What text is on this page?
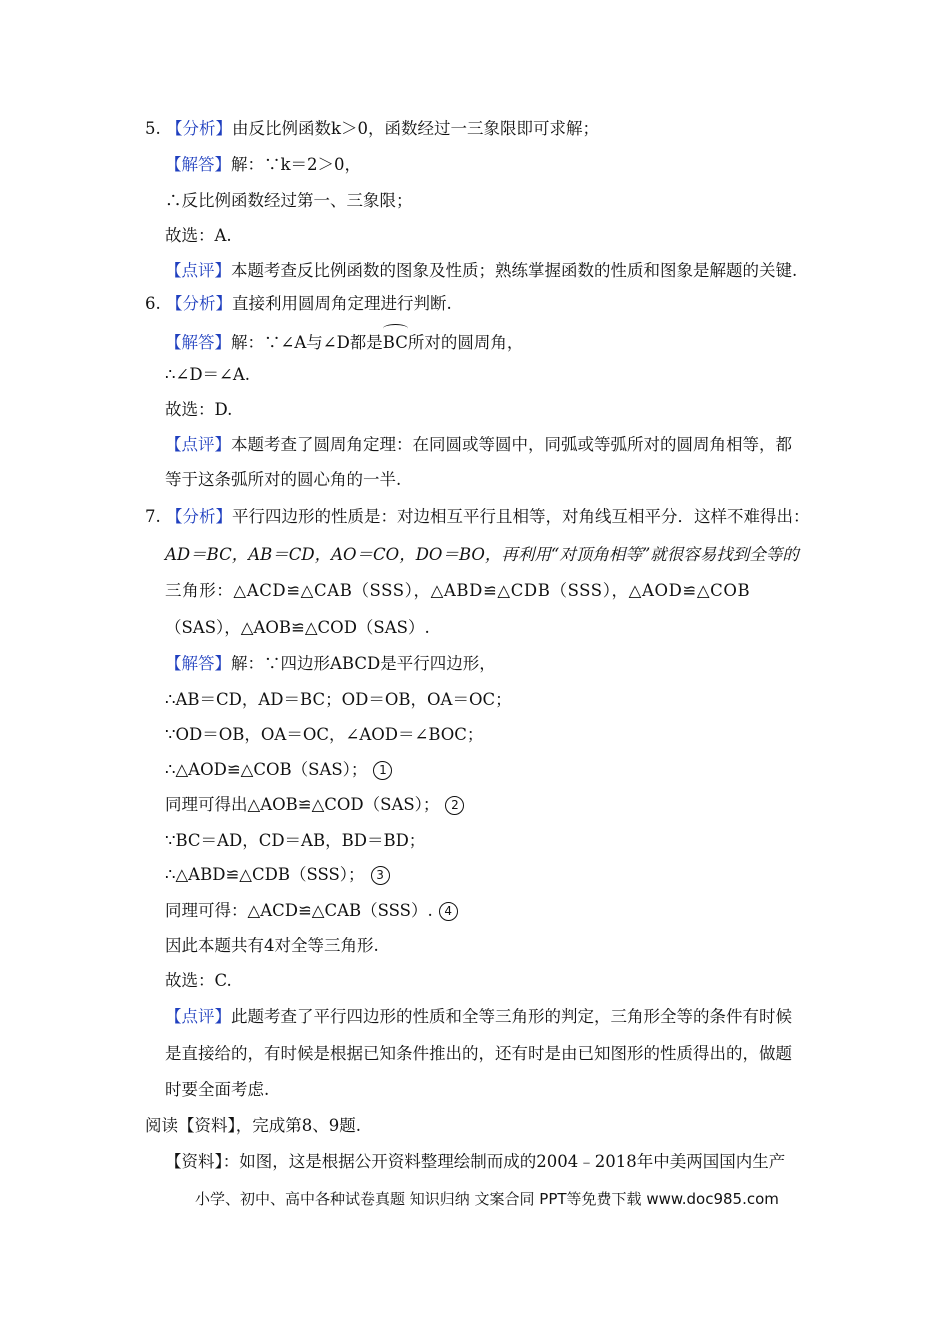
5. 【分析】由反比例函数k＞0，函数经过一三象限即可求解；
【解答】解：∵k＝2＞0，
∴反比例函数经过第一、三象限；
故选：A.
【点评】本题考查反比例函数的图象及性质；熟练掌握函数的性质和图象是解题的关键.
6. 【分析】直接利用圆周角定理进行判断.
【解答】解：∵∠A与∠D都是
BC所对的圆周角，
∴∠D＝∠A.
故选：D.
【点评】本题考查了圆周角定理：在同圆或等圆中，同弧或等弧所对的圆周角相等，都
等于这条弧所对的圆心角的一半.
7. 【分析】平行四边形的性质是：对边相互平行且相等，对角线互相平分．这样不难得出：
AD＝BC，AB＝CD，AO＝CO，DO＝BO，再利用“对顶角相等”就很容易找到全等的
三角形：△ACD≌△CAB（SSS），△ABD≌△CDB（SSS），△AOD≌△COB
（SAS），△AOB≌△COD（SAS）.
【解答】解：∵四边形ABCD是平行四边形，
∴AB＝CD，AD＝BC；OD＝OB，OA＝OC；
∵OD＝OB，OA＝OC，∠AOD＝∠BOC；
∴△AOD≌△COB（SAS）； 1
同理可得出△AOB≌△COD（SAS）； 2
∵BC＝AD，CD＝AB，BD＝BD；
∴△ABD≌△CDB（SSS）； 3
同理可得：△ACD≌△CAB（SSS）. 4
因此本题共有4对全等三角形.
故选：C.
【点评】此题考查了平行四边形的性质和全等三角形的判定，三角形全等的条件有时候
是直接给的，有时候是根据已知条件推出的，还有时是由已知图形的性质得出的，做题
时要全面考虑.
阅读【资料】，完成第8、9题.
【资料】：如图，这是根据公开资料整理绘制而成的2004﹣2018年中美两国国内生产
小学、初中、高中各种试卷真题 知识归纳 文案合同 PPT等免费下载 www.doc985.com
